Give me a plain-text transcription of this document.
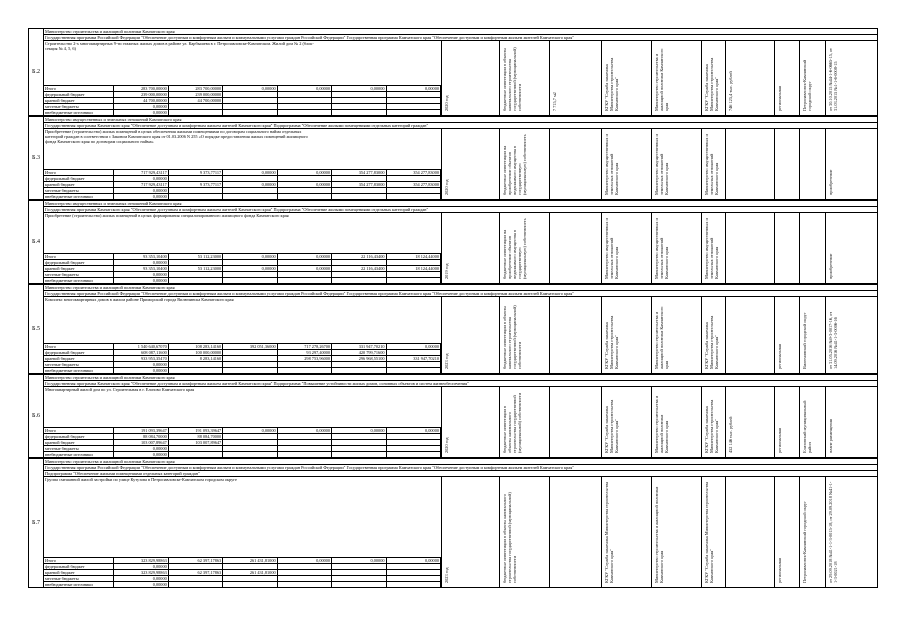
Б.2
Министерство строительства и жилищной политики Камчатского края
Государственная программа Российской Федерации "Обеспечение доступным и комфортным жильем и коммунальными услугами граждан Российской Федерации" Государственная программа Камчатского края "Обеспечение доступным и комфортным жильем жителей Камчатского края"
Строительство 2-х многоквартирных 9-ти этажных жилых домов в районе ул. Карбышева в г. Петропавловске-Камчатском. Жилой дом № 2 (блок-
секция № 4, 5, 6)
Итого	283 700,00000	283 700,00000	0,00000	0,00000	0,00000	0,00000
федеральный бюджет	239 000,00000	239 000,00000				
краевой бюджет	44 700,00000	44 700,00000				
местные бюджеты	0,00000					
внебюджетные источники	0,00000					
2020 год	бюджетные инвестиции в объекты капитального строительства государственной (муниципальной) собственности	7 715,7 м2	КГКУ "Служба заказчика Министерства строительства Камчатского края"	Министерство строительства и жилищной политики Камчатского края	КГКУ "Служба заказчика Министерства строительства Камчатского края" 746 125,4 тыс. рублей	региональная	Петропавловск-Камчатский городской округ	от 30.10.2015 №44-1-6-0665-15, от 31.03.2015 №1-1-6-0008-15
Б.3
Министерство имущественных и земельных отношений Камчатского края
Государственная программа Камчатского края "Обеспечение доступным и комфортным жильем жителей Камчатского края" Подпрограмма "Обеспечение жилыми помещениями отдельных категорий граждан"
Приобретение (строительство) жилых помещений в целях обеспечения жилыми помещениями по договорам социального найма отдельных
категорий граждан в соответствии с Законом Камчатского края от 01.03.2006 N 255 «О порядке предоставления жилых помещений жилищного
фонда Камчатского края по договорам социального найма»
Итого	717 929,43117	9 373,77117	0,00000	0,00000	354 277,83000	354 277,83000
федеральный бюджет	0,00000					
краевой бюджет	717 929,43117	9 373,77117	0,00000	0,00000	354 277,83000	354 277,83000
местные бюджеты	0,00000					
внебюджетные источники	0,00000					
2020 год	бюджетные инвестиции на приобретение объектов недвижимого имущества в государственную (муниципальную) собственность	Министерство имущественных и земельных отношений Камчатского края	Министерство имущественных и земельных отношений Камчатского края	Министерство имущественных и земельных отношений Камчатского края	приобретение
Б.4
Министерство имущественных и земельных отношений Камчатского края
Государственная программа Камчатского края "Обеспечение доступным и комфортным жильем жителей Камчатского края" Подпрограмма "Обеспечение жилыми помещениями отдельных категорий граждан"
Приобретение (строительство) жилых помещений в целях формирования специализированного жилищного фонда Камчатского края
Итого	93 353,10400	53 112,23000	0,00000	0,00000	22 116,43400	18 124,44000
федеральный бюджет	0,00000					
краевой бюджет	93 353,10400	53 112,23000	0,00000	0,00000	22 116,43400	18 124,44000
местные бюджеты	0,00000					
внебюджетные источники	0,00000					
2019 год	бюджетные инвестиции на приобретение объектов недвижимого имущества в государственную (муниципальную) собственность	Министерство имущественных и земельных отношений Камчатского края	Министерство имущественных и земельных отношений Камчатского края	Министерство имущественных и земельных отношений Камчатского края	приобретение
Б.5
Министерство строительства и жилищной политики Камчатского края
Государственная программа Российской Федерации "Обеспечение доступным и комфортным жильем и коммунальными услугами граждан Российской Федерации" Государственная программа Камчатского края "Обеспечение доступным и комфортным жильем жителей Камчатского края"
Комплекс многоквартирных домов в жилом районе Приморский города Вилючинска Камчатского края
Итого	1 540 640,67070	108 283,14160	392 051,36000	717 278,26700	331 947,70210	0,00000
федеральный бюджет	608 087,11600	100 000,00000		93 297,40000	420 799,71600	
краевой бюджет	933 953,35470	8 283,14160		298 753,96000	296 968,55100	331 947,70210
местные бюджеты	0,00000					
внебюджетные источники	0,00000					
2023 год	бюджетные инвестиции в объекты капитального строительства государственной (муниципальной) собственности	КГКУ "Служба заказчика Министерства строительства Камчатского края"	Министерство строительства и жилищной политики Камчатского края	КГКУ "Служба заказчика Министерства строительства Камчатского края"	региональная	Вилючинский городской округ	от 31.05.2016 №9-3-0017-16, от 14.09.2016 №41-1-3-0006-16
Б.6
Министерство строительства и жилищной политики Камчатского края
Государственная программа Камчатского края "Обеспечение доступным и комфортным жильем жителей Камчатского края" Подпрограмма "Повышение устойчивости жилых домов, основных объектов и систем жизнеобеспечения"
Многоквартирный жилой дом по ул. Строительная в г. Елизово Камчатского края
Итого	191 093,39647	191 093,39647	0,00000	0,00000	0,00000	0,00000
федеральный бюджет	88 084,70000	88 084,70000				
краевой бюджет	103 007,89647	103 007,89647				
местные бюджеты	0,00000					
внебюджетные источники	0,00000					
2020 год	бюджетные инвестиции в объекты капитального строительства государственной (муниципальной) собственности	КГКУ "Служба заказчика Министерства строительства Камчатского края"	Министерство строительства и жилищной политики Камчатского края	КГКУ "Служба заказчика Министерства строительства Камчатского края" 452 146 тыс. рублей	региональная	Елизовский муниципальный район	плане размещения
Б.7
Министерство строительства и жилищной политики Камчатского края
Государственная программа Российской Федерации "Обеспечение доступным и комфортным жильем и коммунальными услугами граждан Российской Федерации" Государственная программа Камчатского края "Обеспечение доступным и комфортным жильем жителей Камчатского края"
Подпрограмма "Обеспечение жилыми помещениями отдельных категорий граждан"
Группа смешанной жилой застройки по улице Кутузова в Петропавловске-Камчатском городском округе
Итого	323 829,98863	62 397,17863	261 431,81000	0,00000	0,00000	0,00000
федеральный бюджет	0,00000					
краевой бюджет	323 829,98863	62 397,17863	261 431,81000			
местные бюджеты	0,00000					
внебюджетные источники	0,00000					
2023 год	бюджетные инвестиции в объекты капитального строительства государственной (муниципальной) собственности	КГКУ "Служба заказчика Министерства строительства Камчатского края"	Министерство строительства и жилищной политики Камчатского края	КГКУ "Служба заказчика Министерства строительства Камчатского края"	региональная	Петропавловск-Камчатский городской округ	от 29.09.2018 №41-1-1-3-0015-18, от 29.09.2018 №41-1-1-3-0021-18
